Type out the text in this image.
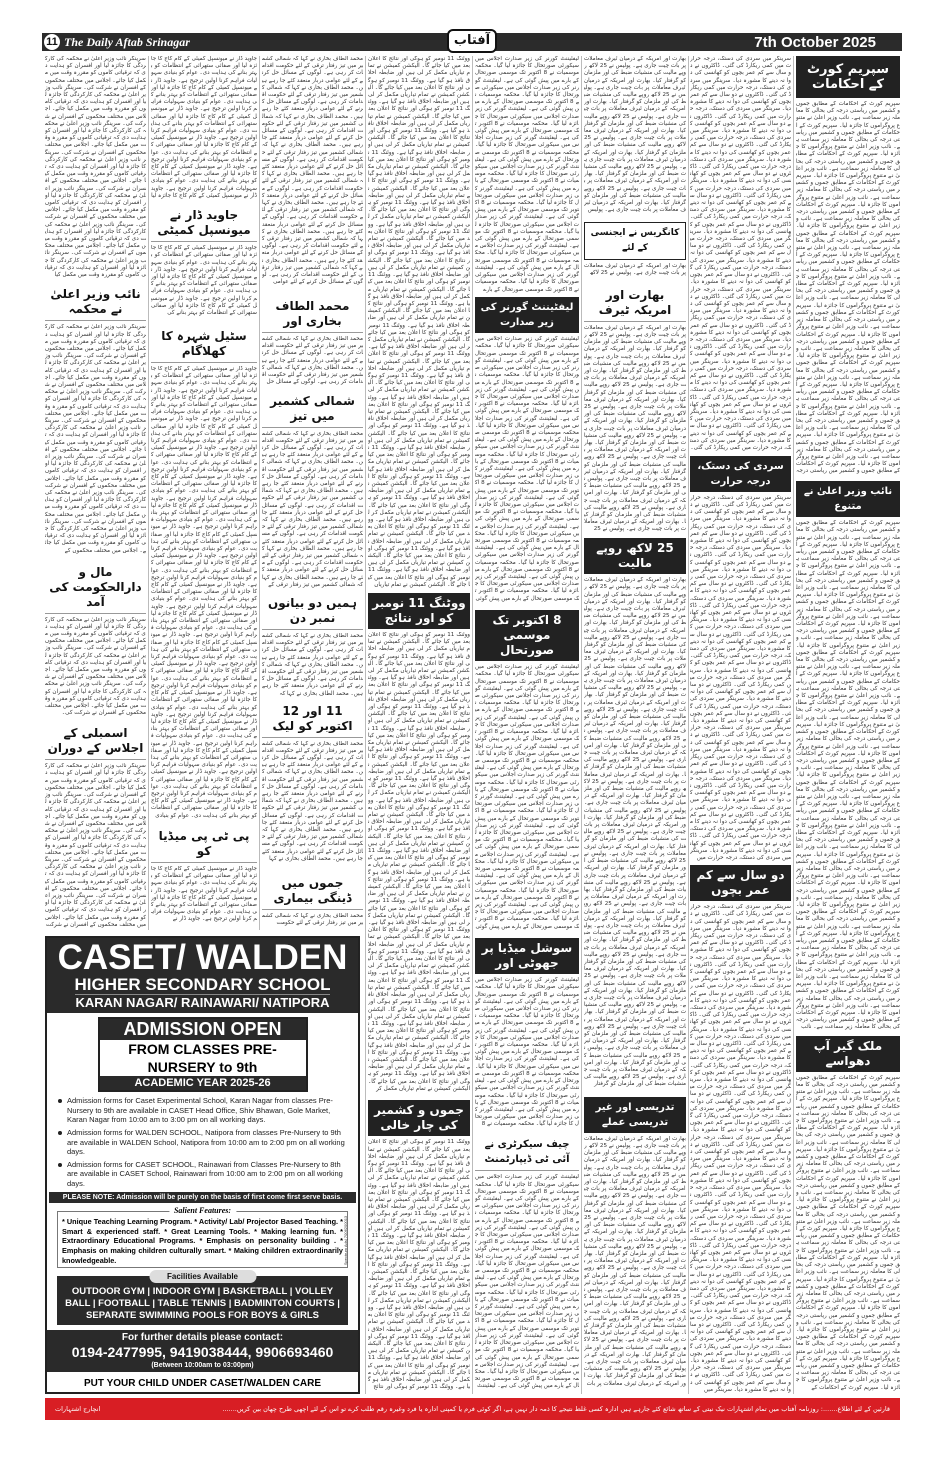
11 The Daily Aftab Srinagar	آفتاب	7th October 2025
سپریم کورٹ کے احکامات
سپریم کورٹ کے احکامات کے مطابق جموں و کشمیر میں ریاستی درجہ کی بحالی کا معاملہ زیر سماعت ہے۔ نائب وزیر اعلیٰ نے متنوع پروگراموں کا جائزہ لیا۔ سپریم کورٹ کے احکامات کے مطابق جموں و کشمیر میں ریاستی درجہ کی بحالی کا معاملہ زیر سماعت ہے۔ نائب وزیر اعلیٰ نے متنوع پروگراموں کا جائزہ لیا۔ سپریم کورٹ کے احکامات کے مطابق جموں و کشمیر میں ریاستی درجہ کی بحالی کا معاملہ زیر سماعت ہے۔ نائب وزیر اعلیٰ نے متنوع پروگراموں کا جائزہ لیا۔ سپریم کورٹ کے احکامات کے مطابق جموں و کشمیر میں ریاستی درجہ کی بحالی کا معاملہ زیر سماعت ہے۔ نائب وزیر اعلیٰ نے متنوع پروگراموں کا جائزہ لیا۔ سپریم کورٹ کے احکامات کے مطابق جموں و کشمیر میں ریاستی درجہ کی بحالی کا معاملہ زیر سماعت ہے۔ نائب وزیر اعلیٰ نے متنوع پروگراموں کا جائزہ لیا۔ سپریم کورٹ کے احکامات کے مطابق جموں و کشمیر میں ریاستی درجہ کی بحالی کا معاملہ زیر سماعت ہے۔ نائب وزیر اعلیٰ نے متنوع پروگراموں کا جائزہ لیا۔ سپریم کورٹ کے احکامات کے مطابق جموں و کشمیر میں ریاستی درجہ کی بحالی کا معاملہ زیر سماعت ہے۔ نائب وزیر اعلیٰ نے متنوع پروگراموں کا جائزہ لیا۔ سپریم کورٹ کے احکامات کے مطابق جموں و کشمیر میں ریاستی درجہ کی بحالی کا معاملہ زیر سماعت ہے۔ نائب وزیر اعلیٰ نے متنوع پروگراموں کا جائزہ لیا۔ سپریم کورٹ کے احکامات کے مطابق جموں و کشمیر میں ریاستی درجہ کی بحالی کا معاملہ زیر سماعت ہے۔ نائب وزیر اعلیٰ نے متنوع پروگراموں کا جائزہ لیا۔ سپریم کورٹ کے احکامات کے مطابق جموں و کشمیر میں ریاستی درجہ کی بحالی کا معاملہ زیر سماعت ہے۔ نائب وزیر اعلیٰ نے متنوع پروگراموں کا جائزہ لیا۔ سپریم کورٹ کے احکامات کے مطابق جموں و کشمیر میں ریاستی درجہ کی بحالی کا معاملہ زیر سماعت ہے۔ نائب وزیر اعلیٰ نے متنوع پروگراموں کا جائزہ لیا۔ سپریم کورٹ کے احکامات کے مطابق جموں و کشمیر میں ریاستی درجہ کی بحالی کا معاملہ زیر سماعت ہے۔ نائب وزیر اعلیٰ نے متنوع پروگراموں کا جائزہ لیا۔ سپریم کورٹ کے احکامات کے مطابق جموں و کشمیر میں ریاستی درجہ کی بحالی کا معاملہ زیر سماعت ہے۔ نائب وزیر اعلیٰ نے متنوع پروگراموں کا جائزہ لیا۔ سپریم کورٹ کے احکامات کے مطابق جموں و کشمیر میں ریاستی درجہ کی بحالی کا معاملہ زیر سماعت ہے۔ نائب وزیر اعلیٰ نے متنوع پروگراموں کا جائزہ لیا۔ سپریم کورٹ کے احکامات کے مطابق جموں و کشمیر میں ریاستی درجہ
نائب وزیر اعلیٰ نے متنوع
سپریم کورٹ کے احکامات کے مطابق جموں و کشمیر میں ریاستی درجہ کی بحالی کا معاملہ زیر سماعت ہے۔ نائب وزیر اعلیٰ نے متنوع پروگراموں کا جائزہ لیا۔ سپریم کورٹ کے احکامات کے مطابق جموں و کشمیر میں ریاستی درجہ کی بحالی کا معاملہ زیر سماعت ہے۔ نائب وزیر اعلیٰ نے متنوع پروگراموں کا جائزہ لیا۔ سپریم کورٹ کے احکامات کے مطابق جموں و کشمیر میں ریاستی درجہ کی بحالی کا معاملہ زیر سماعت ہے۔ نائب وزیر اعلیٰ نے متنوع پروگراموں کا جائزہ لیا۔ سپریم کورٹ کے احکامات کے مطابق جموں و کشمیر میں ریاستی درجہ کی بحالی کا معاملہ زیر سماعت ہے۔ نائب وزیر اعلیٰ نے متنوع پروگراموں کا جائزہ لیا۔ سپریم کورٹ کے احکامات کے مطابق جموں و کشمیر میں ریاستی درجہ کی بحالی کا معاملہ زیر سماعت ہے۔ نائب وزیر اعلیٰ نے متنوع پروگراموں کا جائزہ لیا۔ سپریم کورٹ کے احکامات کے مطابق جموں و کشمیر میں ریاستی درجہ کی بحالی کا معاملہ زیر سماعت ہے۔ نائب وزیر اعلیٰ نے متنوع پروگراموں کا جائزہ لیا۔ سپریم کورٹ کے احکامات کے مطابق جموں و کشمیر میں ریاستی درجہ کی بحالی کا معاملہ زیر سماعت ہے۔ نائب وزیر اعلیٰ نے متنوع پروگراموں کا جائزہ لیا۔ سپریم کورٹ کے احکامات کے مطابق جموں و کشمیر میں ریاستی درجہ کی بحالی کا معاملہ زیر سماعت ہے۔ نائب وزیر اعلیٰ نے متنوع پروگراموں کا جائزہ لیا۔ سپریم کورٹ کے احکامات کے مطابق جموں و کشمیر میں ریاستی درجہ کی بحالی کا معاملہ زیر سماعت ہے۔ نائب وزیر اعلیٰ نے متنوع پروگراموں کا جائزہ لیا۔ سپریم کورٹ کے احکامات کے مطابق جموں و کشمیر میں ریاستی درجہ کی بحالی کا معاملہ زیر سماعت ہے۔ نائب وزیر اعلیٰ نے متنوع پروگراموں کا جائزہ لیا۔ سپریم کورٹ کے احکامات کے مطابق جموں و کشمیر میں ریاستی درجہ کی بحالی کا معاملہ زیر سماعت ہے۔ نائب وزیر اعلیٰ نے متنوع پروگراموں کا جائزہ لیا۔ سپریم کورٹ کے احکامات کے مطابق جموں و کشمیر میں ریاستی درجہ کی بحالی کا معاملہ زیر سماعت ہے۔ نائب وزیر اعلیٰ نے متنوع پروگراموں کا جائزہ لیا۔ سپریم کورٹ کے احکامات کے مطابق جموں و کشمیر میں ریاستی درجہ کی بحالی کا معاملہ زیر سماعت ہے۔ نائب وزیر اعلیٰ نے متنوع پروگراموں کا جائزہ لیا۔ سپریم کورٹ کے احکامات کے مطابق جموں و کشمیر میں ریاستی درجہ کی بحالی کا معاملہ زیر سماعت ہے۔ نائب وزیر اعلیٰ نے متنوع پروگراموں کا جائزہ لیا۔ سپریم کورٹ کے احکامات کے مطابق جموں و کشمیر میں ریاستی درجہ کی بحالی کا معاملہ زیر سماعت ہے۔ نائب وزیر اعلیٰ نے متنوع پروگراموں کا جائزہ لیا۔ سپریم کورٹ کے احکامات کے مطابق جموں و کشمیر میں ریاستی درجہ کی بحالی کا معاملہ زیر سماعت ہے۔ نائب وزیر اعلیٰ نے متنوع پروگراموں کا جائزہ لیا۔ سپریم کورٹ کے احکامات کے مطابق جموں و کشمیر میں ریاستی درجہ کی بحالی کا معاملہ زیر سماعت ہے۔ نائب وزیر اعلیٰ نے متنوع پروگراموں کا جائزہ لیا۔ سپریم کورٹ کے احکامات کے مطابق جموں و کشمیر میں ریاستی درجہ کی بحالی کا معاملہ زیر سماعت ہے۔ نائب وزیر اعلیٰ نے متنوع پروگراموں کا جائزہ لیا۔ سپریم کورٹ کے احکامات کے مطابق جموں و کشمیر میں ریاستی درجہ کی بحالی کا معاملہ زیر سماعت ہے۔ نائب وزیر اعلیٰ نے متنوع پروگراموں کا جائزہ لیا۔ سپریم کورٹ کے احکامات کے مطابق جموں و کشمیر میں ریاستی درجہ کی بحالی کا معاملہ زیر سماعت ہے۔ نائب
ملک گیر آپ دھواسے
سپریم کورٹ کے احکامات کے مطابق جموں و کشمیر میں ریاستی درجہ کی بحالی کا معاملہ زیر سماعت ہے۔ نائب وزیر اعلیٰ نے متنوع پروگراموں کا جائزہ لیا۔ سپریم کورٹ کے احکامات کے مطابق جموں و کشمیر میں ریاستی درجہ کی بحالی کا معاملہ زیر سماعت ہے۔ نائب وزیر اعلیٰ نے متنوع پروگراموں کا جائزہ لیا۔ سپریم کورٹ کے احکامات کے مطابق جموں و کشمیر میں ریاستی درجہ کی بحالی کا معاملہ زیر سماعت ہے۔ نائب وزیر اعلیٰ نے متنوع پروگراموں کا جائزہ لیا۔ سپریم کورٹ کے احکامات کے مطابق جموں و کشمیر میں ریاستی درجہ کی بحالی کا معاملہ زیر سماعت ہے۔ نائب وزیر اعلیٰ نے متنوع پروگراموں کا جائزہ لیا۔ سپریم کورٹ کے احکامات کے مطابق جموں و کشمیر میں ریاستی درجہ کی بحالی کا معاملہ زیر سماعت ہے۔ نائب وزیر اعلیٰ نے متنوع پروگراموں کا جائزہ لیا۔ سپریم کورٹ کے احکامات کے مطابق جموں و کشمیر میں ریاستی درجہ کی بحالی کا معاملہ زیر سماعت ہے۔ نائب وزیر اعلیٰ نے متنوع پروگراموں کا جائزہ لیا۔ سپریم کورٹ کے احکامات کے مطابق جموں و کشمیر میں ریاستی درجہ کی بحالی کا معاملہ زیر سماعت ہے۔ نائب وزیر اعلیٰ نے متنوع پروگراموں کا جائزہ لیا۔ سپریم کورٹ کے احکامات کے مطابق جموں و کشمیر میں ریاستی درجہ کی بحالی کا معاملہ زیر سماعت ہے۔ نائب وزیر اعلیٰ نے متنوع پروگراموں کا جائزہ لیا۔ سپریم کورٹ کے احکامات کے مطابق جموں و کشمیر میں ریاستی درجہ کی بحالی کا معاملہ زیر سماعت ہے۔ نائب وزیر اعلیٰ نے متنوع پروگراموں کا جائزہ لیا۔ سپریم کورٹ کے احکامات کے مطابق جموں و کشمیر میں ریاستی درجہ کی بحالی کا معاملہ زیر سماعت ہے۔ نائب وزیر اعلیٰ نے متنوع پروگراموں کا جائزہ لیا۔ سپریم کورٹ کے احکامات کے مطابق جموں و کشمیر میں ریاستی درجہ کی بحالی کا معاملہ زیر سماعت ہے۔ نائب وزیر اعلیٰ نے متنوع پروگراموں کا جائزہ لیا۔ سپریم کورٹ کے احکامات کے مطابق جموں و کشمیر میں ریاستی درجہ کی بحالی کا معاملہ زیر سماعت ہے۔ نائب وزیر اعلیٰ نے متنوع پروگراموں کا جائزہ لیا۔ سپریم کورٹ کے احکامات کے
سرینگر میں سردی کی دستک، درجہ حرارت میں کمی ریکارڈ کی گئی۔ ڈاکٹروں نے دو سال سے کم عمر بچوں کو کھانسی کی دوا نہ دینے کا مشورہ دیا۔ سرینگر میں سردی کی دستک، درجہ حرارت میں کمی ریکارڈ کی گئی۔ ڈاکٹروں نے دو سال سے کم عمر بچوں کو کھانسی کی دوا نہ دینے کا مشورہ دیا۔ سرینگر میں سردی کی دستک، درجہ حرارت میں کمی ریکارڈ کی گئی۔ ڈاکٹروں نے دو سال سے کم عمر بچوں کو کھانسی کی دوا نہ دینے کا مشورہ دیا۔ سرینگر میں سردی کی دستک، درجہ حرارت میں کمی ریکارڈ کی گئی۔ ڈاکٹروں نے دو سال سے کم عمر بچوں کو کھانسی کی دوا نہ دینے کا مشورہ دیا۔ سرینگر میں سردی کی دستک، درجہ حرارت میں کمی ریکارڈ کی گئی۔ ڈاکٹروں نے دو سال سے کم عمر بچوں کو کھانسی کی دوا نہ دینے کا مشورہ دیا۔ سرینگر میں سردی کی دستک، درجہ حرارت میں کمی ریکارڈ کی گئی۔ ڈاکٹروں نے دو سال سے کم عمر بچوں کو کھانسی کی دوا نہ دینے کا مشورہ دیا۔ سرینگر میں سردی کی دستک، درجہ حرارت میں کمی ریکارڈ کی گئی۔ ڈاکٹروں نے دو سال سے کم عمر بچوں کو کھانسی کی دوا نہ دینے کا مشورہ دیا۔ سرینگر میں سردی کی دستک، درجہ حرارت میں کمی ریکارڈ کی گئی۔ ڈاکٹروں نے دو سال سے کم عمر بچوں کو کھانسی کی دوا نہ دینے کا مشورہ دیا۔ سرینگر میں سردی کی دستک، درجہ حرارت میں کمی ریکارڈ کی گئی۔ ڈاکٹروں نے دو سال سے کم عمر بچوں کو کھانسی کی دوا نہ دینے کا مشورہ دیا۔ سرینگر میں سردی کی دستک، درجہ حرارت میں کمی ریکارڈ کی گئی۔ ڈاکٹروں نے دو سال سے کم عمر بچوں کو کھانسی کی دوا نہ دینے کا مشورہ دیا۔ سرینگر میں سردی کی دستک، درجہ حرارت میں کمی ریکارڈ کی گئی۔ ڈاکٹروں نے دو سال سے کم عمر بچوں کو کھانسی کی دوا نہ دینے کا مشورہ دیا۔ سرینگر میں سردی کی دستک، درجہ حرارت میں کمی ریکارڈ کی گئی۔ ڈاکٹروں نے دو سال سے کم عمر بچوں کو کھانسی کی دوا نہ دینے کا مشورہ دیا۔ سرینگر میں سردی کی دستک، درجہ حرارت میں کمی ریکارڈ کی گئی۔ ڈاکٹروں نے دو سال سے کم عمر بچوں کو کھانسی کی دوا نہ دینے کا مشورہ دیا۔ سرینگر میں سردی کی دستک، درجہ حرارت میں کمی ریکارڈ کی گئی۔ ڈاکٹروں نے دو سال سے کم عمر بچوں کو کھانسی کی دوا نہ دینے کا مشورہ دیا۔ سرینگر میں سردی کی دستک، درجہ حرارت میں کمی ریکارڈ کی گئی۔ ڈاکٹروں نے دو سال سے کم عمر بچوں کو کھانسی کی دوا نہ دینے کا مشورہ دیا۔ سرینگر میں سردی کی دستک، درجہ حرارت میں کمی ریکارڈ کی گئی۔
سردی کی دستک، درجہ حرارت
سرینگر میں سردی کی دستک، درجہ حرارت میں کمی ریکارڈ کی گئی۔ ڈاکٹروں نے دو سال سے کم عمر بچوں کو کھانسی کی دوا نہ دینے کا مشورہ دیا۔ سرینگر میں سردی کی دستک، درجہ حرارت میں کمی ریکارڈ کی گئی۔ ڈاکٹروں نے دو سال سے کم عمر بچوں کو کھانسی کی دوا نہ دینے کا مشورہ دیا۔ سرینگر میں سردی کی دستک، درجہ حرارت میں کمی ریکارڈ کی گئی۔ ڈاکٹروں نے دو سال سے کم عمر بچوں کو کھانسی کی دوا نہ دینے کا مشورہ دیا۔ سرینگر میں سردی کی دستک، درجہ حرارت میں کمی ریکارڈ کی گئی۔ ڈاکٹروں نے دو سال سے کم عمر بچوں کو کھانسی کی دوا نہ دینے کا مشورہ دیا۔ سرینگر میں سردی کی دستک، درجہ حرارت میں کمی ریکارڈ کی گئی۔ ڈاکٹروں نے دو سال سے کم عمر بچوں کو کھانسی کی دوا نہ دینے کا مشورہ دیا۔ سرینگر میں سردی کی دستک، درجہ حرارت میں کمی ریکارڈ کی گئی۔ ڈاکٹروں نے دو سال سے کم عمر بچوں کو کھانسی کی دوا نہ دینے کا مشورہ دیا۔ سرینگر میں سردی کی دستک، درجہ حرارت میں کمی ریکارڈ کی گئی۔ ڈاکٹروں نے دو سال سے کم عمر بچوں کو کھانسی کی دوا نہ دینے کا مشورہ دیا۔ سرینگر میں سردی کی دستک، درجہ حرارت میں کمی ریکارڈ کی گئی۔ ڈاکٹروں نے دو سال سے کم عمر بچوں کو کھانسی کی دوا نہ دینے کا مشورہ دیا۔ سرینگر میں سردی کی دستک، درجہ حرارت میں کمی ریکارڈ کی گئی۔ ڈاکٹروں نے دو سال سے کم عمر بچوں کو کھانسی کی دوا نہ دینے کا مشورہ دیا۔ سرینگر میں سردی کی دستک، درجہ حرارت میں کمی ریکارڈ کی گئی۔ ڈاکٹروں نے دو سال سے کم عمر بچوں کو کھانسی کی دوا نہ دینے کا مشورہ دیا۔ سرینگر میں سردی کی دستک، درجہ حرارت میں کمی ریکارڈ کی گئی۔ ڈاکٹروں نے دو سال سے کم عمر بچوں کو کھانسی کی دوا نہ دینے کا مشورہ دیا۔ سرینگر میں سردی کی دستک، درجہ حرارت میں کمی ریکارڈ کی گئی۔ ڈاکٹروں نے دو سال سے کم عمر بچوں کو کھانسی کی دوا نہ دینے کا مشورہ دیا۔ سرینگر میں سردی کی دستک، درجہ حرارت میں کمی ریکارڈ کی گئی۔ ڈاکٹروں نے دو سال سے کم عمر بچوں کو کھانسی کی دوا نہ دینے کا مشورہ دیا۔ سرینگر میں سردی کی دستک، درجہ حرارت میں کمی ریکارڈ کی گئی۔ ڈاکٹروں نے دو سال سے کم عمر بچوں کو کھانسی کی دوا نہ دینے کا مشورہ دیا۔ سرینگر میں سردی کی دستک، درجہ حرارت میں
دو سال سے کم عمر بچوں
سرینگر میں سردی کی دستک، درجہ حرارت میں کمی ریکارڈ کی گئی۔ ڈاکٹروں نے دو سال سے کم عمر بچوں کو کھانسی کی دوا نہ دینے کا مشورہ دیا۔ سرینگر میں سردی کی دستک، درجہ حرارت میں کمی ریکارڈ کی گئی۔ ڈاکٹروں نے دو سال سے کم عمر بچوں کو کھانسی کی دوا نہ دینے کا مشورہ دیا۔ سرینگر میں سردی کی دستک، درجہ حرارت میں کمی ریکارڈ کی گئی۔ ڈاکٹروں نے دو سال سے کم عمر بچوں کو کھانسی کی دوا نہ دینے کا مشورہ دیا۔ سرینگر میں سردی کی دستک، درجہ حرارت میں کمی ریکارڈ کی گئی۔ ڈاکٹروں نے دو سال سے کم عمر بچوں کو کھانسی کی دوا نہ دینے کا مشورہ دیا۔ سرینگر میں سردی کی دستک، درجہ حرارت میں کمی ریکارڈ کی گئی۔ ڈاکٹروں نے دو سال سے کم عمر بچوں کو کھانسی کی دوا نہ دینے کا مشورہ دیا۔ سرینگر میں سردی کی دستک، درجہ حرارت میں کمی ریکارڈ کی گئی۔ ڈاکٹروں نے دو سال سے کم عمر بچوں کو کھانسی کی دوا نہ دینے کا مشورہ دیا۔ سرینگر میں سردی کی دستک، درجہ حرارت میں کمی ریکارڈ کی گئی۔ ڈاکٹروں نے دو سال سے کم عمر بچوں کو کھانسی کی دوا نہ دینے کا مشورہ دیا۔ سرینگر میں سردی کی دستک، درجہ حرارت میں کمی ریکارڈ کی گئی۔ ڈاکٹروں نے دو سال سے کم عمر بچوں کو کھانسی کی دوا نہ دینے کا مشورہ دیا۔ سرینگر میں سردی کی دستک، درجہ حرارت میں کمی ریکارڈ کی گئی۔ ڈاکٹروں نے دو سال سے کم عمر بچوں کو کھانسی کی دوا نہ دینے کا مشورہ دیا۔ سرینگر میں سردی کی دستک، درجہ حرارت میں کمی ریکارڈ کی گئی۔ ڈاکٹروں نے دو سال سے کم عمر بچوں کو کھانسی کی دوا نہ دینے کا مشورہ دیا۔ سرینگر میں سردی کی دستک، درجہ حرارت میں کمی ریکارڈ کی گئی۔ ڈاکٹروں نے دو سال سے کم عمر بچوں کو کھانسی کی دوا نہ دینے کا مشورہ دیا۔ سرینگر میں سردی کی دستک، درجہ حرارت میں کمی ریکارڈ کی گئی۔ ڈاکٹروں نے دو سال سے کم عمر بچوں کو کھانسی کی دوا نہ دینے کا مشورہ دیا۔ سرینگر میں سردی کی دستک، درجہ حرارت میں کمی ریکارڈ کی گئی۔ ڈاکٹروں نے دو سال سے کم عمر بچوں کو کھانسی کی دوا نہ دینے کا مشورہ دیا۔ سرینگر میں سردی کی دستک، درجہ حرارت میں کمی ریکارڈ کی گئی۔ ڈاکٹروں نے دو سال سے کم عمر بچوں کو کھانسی کی دوا نہ دینے کا مشورہ دیا۔ سرینگر میں سردی کی دستک، درجہ حرارت میں کمی ریکارڈ کی گئی۔ ڈاکٹروں نے دو سال سے کم عمر بچوں کو کھانسی کی دوا نہ دینے کا مشورہ دیا۔ سرینگر میں سردی کی دستک، درجہ حرارت میں کمی ریکارڈ کی گئی۔ ڈاکٹروں نے دو سال سے کم عمر بچوں کو کھانسی کی دوا نہ دینے کا مشورہ دیا۔ سرینگر میں سردی کی دستک، درجہ حرارت میں کمی ریکارڈ کی گئی۔ ڈاکٹروں نے دو سال سے کم عمر بچوں کو کھانسی کی دوا نہ دینے کا مشورہ دیا۔ سرینگر میں سردی کی دستک، درجہ حرارت میں کمی ریکارڈ کی گئی۔ ڈاکٹروں نے دو سال سے کم عمر بچوں کو کھانسی کی دوا نہ دینے کا مشورہ دیا۔ سرینگر میں سردی کی دستک، درجہ حرارت میں کمی ریکارڈ کی گئی۔ ڈاکٹروں نے دو سال سے کم عمر بچوں کو کھانسی کی دوا نہ دینے کا مشورہ دیا۔ سرینگر میں
بھارت اور امریکہ کے درمیان ٹیرف معاملات پر بات چیت جاری ہے۔ پولیس نے 25 لاکھ روپے مالیت کی منشیات ضبط کی اور ملزمان کو گرفتار کیا۔ بھارت اور امریکہ کے درمیان ٹیرف معاملات پر بات چیت جاری ہے۔ پولیس نے 25 لاکھ روپے مالیت کی منشیات ضبط کی اور ملزمان کو گرفتار کیا۔ بھارت اور امریکہ کے درمیان ٹیرف معاملات پر بات چیت جاری ہے۔ پولیس نے 25 لاکھ روپے مالیت کی منشیات ضبط کی اور ملزمان کو گرفتار کیا۔ بھارت اور امریکہ کے درمیان ٹیرف معاملات پر بات چیت جاری ہے۔ پولیس نے 25 لاکھ روپے مالیت کی منشیات ضبط کی اور ملزمان کو گرفتار کیا۔ بھارت اور امریکہ کے درمیان ٹیرف معاملات پر بات چیت جاری ہے۔ پولیس نے 25 لاکھ روپے مالیت کی منشیات ضبط کی اور ملزمان کو گرفتار کیا۔ بھارت اور امریکہ کے درمیان ٹیرف معاملات پر بات چیت جاری ہے۔ پولیس نے 25 لاکھ روپے مالیت کی منشیات ضبط کی اور ملزمان کو گرفتار کیا۔ بھارت اور امریکہ کے درمیان ٹیرف معاملات پر بات چیت جاری ہے۔ پولیس
کانگریس نے ایجنسی کے لئے
بھارت اور امریکہ کے درمیان ٹیرف معاملات پر بات چیت جاری ہے۔ پولیس نے 25 لاکھ
بھارت اور امریکہ ٹیرف
بھارت اور امریکہ کے درمیان ٹیرف معاملات پر بات چیت جاری ہے۔ پولیس نے 25 لاکھ روپے مالیت کی منشیات ضبط کی اور ملزمان کو گرفتار کیا۔ بھارت اور امریکہ کے درمیان ٹیرف معاملات پر بات چیت جاری ہے۔ پولیس نے 25 لاکھ روپے مالیت کی منشیات ضبط کی اور ملزمان کو گرفتار کیا۔ بھارت اور امریکہ کے درمیان ٹیرف معاملات پر بات چیت جاری ہے۔ پولیس نے 25 لاکھ روپے مالیت کی منشیات ضبط کی اور ملزمان کو گرفتار کیا۔ بھارت اور امریکہ کے درمیان ٹیرف معاملات پر بات چیت جاری ہے۔ پولیس نے 25 لاکھ روپے مالیت کی منشیات ضبط کی اور ملزمان کو گرفتار کیا۔ بھارت اور امریکہ کے درمیان ٹیرف معاملات پر بات چیت جاری ہے۔ پولیس نے 25 لاکھ روپے مالیت کی منشیات ضبط کی اور ملزمان کو گرفتار کیا۔ بھارت اور امریکہ کے درمیان ٹیرف معاملات پر بات چیت جاری ہے۔ پولیس نے 25 لاکھ روپے مالیت کی منشیات ضبط کی اور ملزمان کو گرفتار کیا۔ بھارت اور امریکہ کے درمیان ٹیرف معاملات پر بات چیت جاری ہے۔ پولیس نے 25 لاکھ روپے مالیت کی منشیات ضبط کی اور ملزمان کو گرفتار کیا۔ بھارت اور امریکہ کے درمیان ٹیرف معاملات پر بات چیت جاری ہے۔ پولیس نے 25 لاکھ روپے مالیت کی منشیات ضبط کی اور ملزمان کو گرفتار کیا۔ بھارت اور امریکہ کے درمیان ٹیرف معاملات پر بات چیت جاری ہے۔ پولیس نے 25
25 لاکھ روپے مالیت
بھارت اور امریکہ کے درمیان ٹیرف معاملات پر بات چیت جاری ہے۔ پولیس نے 25 لاکھ روپے مالیت کی منشیات ضبط کی اور ملزمان کو گرفتار کیا۔ بھارت اور امریکہ کے درمیان ٹیرف معاملات پر بات چیت جاری ہے۔ پولیس نے 25 لاکھ روپے مالیت کی منشیات ضبط کی اور ملزمان کو گرفتار کیا۔ بھارت اور امریکہ کے درمیان ٹیرف معاملات پر بات چیت جاری ہے۔ پولیس نے 25 لاکھ روپے مالیت کی منشیات ضبط کی اور ملزمان کو گرفتار کیا۔ بھارت اور امریکہ کے درمیان ٹیرف معاملات پر بات چیت جاری ہے۔ پولیس نے 25 لاکھ روپے مالیت کی منشیات ضبط کی اور ملزمان کو گرفتار کیا۔ بھارت اور امریکہ کے درمیان ٹیرف معاملات پر بات چیت جاری ہے۔ پولیس نے 25 لاکھ روپے مالیت کی منشیات ضبط کی اور ملزمان کو گرفتار کیا۔ بھارت اور امریکہ کے درمیان ٹیرف معاملات پر بات چیت جاری ہے۔ پولیس نے 25 لاکھ روپے مالیت کی منشیات ضبط کی اور ملزمان کو گرفتار کیا۔ بھارت اور امریکہ کے درمیان ٹیرف معاملات پر بات چیت جاری ہے۔ پولیس نے 25 لاکھ روپے مالیت کی منشیات ضبط کی اور ملزمان کو گرفتار کیا۔ بھارت اور امریکہ کے درمیان ٹیرف معاملات پر بات چیت جاری ہے۔ پولیس نے 25 لاکھ روپے مالیت کی منشیات ضبط کی اور ملزمان کو گرفتار کیا۔ بھارت اور امریکہ کے درمیان ٹیرف معاملات پر بات چیت جاری ہے۔ پولیس نے 25 لاکھ روپے مالیت کی منشیات ضبط کی اور ملزمان کو گرفتار کیا۔ بھارت اور امریکہ کے درمیان ٹیرف معاملات پر بات چیت جاری ہے۔ پولیس نے 25 لاکھ روپے مالیت کی منشیات ضبط کی اور ملزمان کو گرفتار کیا۔ بھارت اور امریکہ کے درمیان ٹیرف معاملات پر بات چیت جاری ہے۔ پولیس نے 25 لاکھ روپے مالیت کی منشیات ضبط کی اور ملزمان کو گرفتار کیا۔ بھارت اور امریکہ کے درمیان ٹیرف معاملات پر بات چیت جاری ہے۔ پولیس نے 25 لاکھ روپے مالیت کی منشیات ضبط کی اور ملزمان کو گرفتار کیا۔ بھارت اور امریکہ کے درمیان ٹیرف معاملات پر بات چیت جاری ہے۔ پولیس نے 25 لاکھ روپے مالیت کی منشیات ضبط کی اور ملزمان کو گرفتار کیا۔ بھارت اور امریکہ کے درمیان ٹیرف معاملات پر بات چیت جاری ہے۔ پولیس نے 25 لاکھ روپے مالیت کی منشیات ضبط کی اور ملزمان کو گرفتار کیا۔ بھارت اور امریکہ کے درمیان ٹیرف معاملات پر بات چیت جاری ہے۔ پولیس نے 25 لاکھ روپے مالیت کی منشیات ضبط کی اور ملزمان کو گرفتار کیا۔ بھارت اور امریکہ کے درمیان ٹیرف معاملات پر بات چیت جاری ہے۔ پولیس نے 25 لاکھ روپے مالیت کی منشیات ضبط کی اور ملزمان کو گرفتار کیا۔ بھارت اور امریکہ کے درمیان ٹیرف معاملات پر بات چیت جاری ہے۔ پولیس نے 25 لاکھ روپے مالیت کی منشیات ضبط کی اور ملزمان کو گرفتار کیا۔ بھارت اور امریکہ کے درمیان ٹیرف معاملات پر بات چیت جاری ہے۔ پولیس نے 25 لاکھ روپے مالیت کی منشیات ضبط کی اور ملزمان کو گرفتار کیا۔ بھارت اور امریکہ کے درمیان ٹیرف معاملات پر بات چیت جاری ہے۔ پولیس نے 25 لاکھ روپے مالیت کی منشیات ضبط کی اور ملزمان کو گرفتار کیا۔ بھارت اور امریکہ کے درمیان ٹیرف معاملات پر بات چیت جاری ہے۔ پولیس نے 25 لاکھ روپے مالیت کی منشیات ضبط کی اور ملزمان کو گرفتار کیا۔ بھارت اور امریکہ کے درمیان ٹیرف معاملات پر بات چیت جاری ہے۔ پولیس نے 25 لاکھ روپے مالیت کی منشیات ضبط کی اور ملزمان کو گرفتار
تدریسی اور غیر تدریسی عملے
بھارت اور امریکہ کے درمیان ٹیرف معاملات پر بات چیت جاری ہے۔ پولیس نے 25 لاکھ روپے مالیت کی منشیات ضبط کی اور ملزمان کو گرفتار کیا۔ بھارت اور امریکہ کے درمیان ٹیرف معاملات پر بات چیت جاری ہے۔ پولیس نے 25 لاکھ روپے مالیت کی منشیات ضبط کی اور ملزمان کو گرفتار کیا۔ بھارت اور امریکہ کے درمیان ٹیرف معاملات پر بات چیت جاری ہے۔ پولیس نے 25 لاکھ روپے مالیت کی منشیات ضبط کی اور ملزمان کو گرفتار کیا۔ بھارت اور امریکہ کے درمیان ٹیرف معاملات پر بات چیت جاری ہے۔ پولیس نے 25 لاکھ روپے مالیت کی منشیات ضبط کی اور ملزمان کو گرفتار کیا۔ بھارت اور امریکہ کے درمیان ٹیرف معاملات پر بات چیت جاری ہے۔ پولیس نے 25 لاکھ روپے مالیت کی منشیات ضبط کی اور ملزمان کو گرفتار کیا۔ بھارت اور امریکہ کے درمیان ٹیرف معاملات پر بات چیت جاری ہے۔ پولیس نے 25 لاکھ روپے مالیت کی منشیات ضبط کی اور ملزمان کو گرفتار کیا۔ بھارت اور امریکہ کے درمیان ٹیرف معاملات پر بات چیت جاری ہے۔ پولیس نے 25 لاکھ روپے مالیت کی منشیات ضبط کی اور ملزمان کو گرفتار کیا۔ بھارت اور امریکہ کے درمیان ٹیرف معاملات پر بات چیت جاری ہے۔ پولیس نے 25 لاکھ روپے مالیت کی منشیات ضبط کی اور ملزمان کو گرفتار کیا۔ بھارت اور امریکہ کے درمیان ٹیرف معاملات پر بات چیت جاری ہے۔ پولیس نے 25 لاکھ روپے مالیت کی منشیات ضبط کی اور ملزمان کو گرفتار کیا۔ بھارت اور امریکہ کے درمیان ٹیرف معاملات پر بات چیت جاری ہے۔ پولیس نے 25 لاکھ روپے مالیت کی منشیات ضبط کی اور ملزمان کو گرفتار کیا۔ بھارت اور امریکہ کے درمیان ٹیرف معاملات پر بات
لیفٹیننٹ گورنر کی زیر صدارت اجلاس میں سیکورٹی صورتحال کا جائزہ لیا گیا۔ محکمہ موسمیات نے 8 اکتوبر تک موسمی صورتحال کے بارے میں پیش گوئی کی ہے۔ لیفٹیننٹ گورنر کی زیر صدارت اجلاس میں سیکورٹی صورتحال کا جائزہ لیا گیا۔ محکمہ موسمیات نے 8 اکتوبر تک موسمی صورتحال کے بارے میں پیش گوئی کی ہے۔ لیفٹیننٹ گورنر کی زیر صدارت اجلاس میں سیکورٹی صورتحال کا جائزہ لیا گیا۔ محکمہ موسمیات نے 8 اکتوبر تک موسمی صورتحال کے بارے میں پیش گوئی کی ہے۔ لیفٹیننٹ گورنر کی زیر صدارت اجلاس میں سیکورٹی صورتحال کا جائزہ لیا گیا۔ محکمہ موسمیات نے 8 اکتوبر تک موسمی صورتحال کے بارے میں پیش گوئی کی ہے۔ لیفٹیننٹ گورنر کی زیر صدارت اجلاس میں سیکورٹی صورتحال کا جائزہ لیا گیا۔ محکمہ موسمیات نے 8 اکتوبر تک موسمی صورتحال کے بارے میں پیش گوئی کی ہے۔ لیفٹیننٹ گورنر کی زیر صدارت اجلاس میں سیکورٹی صورتحال کا جائزہ لیا گیا۔ محکمہ موسمیات نے 8 اکتوبر تک موسمی صورتحال کے بارے میں پیش گوئی کی ہے۔ لیفٹیننٹ گورنر کی زیر صدارت اجلاس میں سیکورٹی صورتحال کا جائزہ لیا گیا۔ محکمہ موسمیات نے 8 اکتوبر تک موسمی صورتحال کے بارے میں پیش گوئی کی ہے۔ لیفٹیننٹ گورنر کی زیر صدارت اجلاس میں سیکورٹی صورتحال کا جائزہ لیا گیا۔ محکمہ موسمیات نے 8 اکتوبر تک موسمی صورتحال کے بارے میں پیش گوئی کی ہے۔ لیفٹیننٹ گورنر کی زیر صدارت اجلاس میں سیکورٹی صورتحال کا جائزہ لیا گیا۔ محکمہ موسمیات نے 8 اکتوبر تک موسمی صورتحال کے بارے
لیفٹیننٹ گورنر کی زیر صدارت
لیفٹیننٹ گورنر کی زیر صدارت اجلاس میں سیکورٹی صورتحال کا جائزہ لیا گیا۔ محکمہ موسمیات نے 8 اکتوبر تک موسمی صورتحال کے بارے میں پیش گوئی کی ہے۔ لیفٹیننٹ گورنر کی زیر صدارت اجلاس میں سیکورٹی صورتحال کا جائزہ لیا گیا۔ محکمہ موسمیات نے 8 اکتوبر تک موسمی صورتحال کے بارے میں پیش گوئی کی ہے۔ لیفٹیننٹ گورنر کی زیر صدارت اجلاس میں سیکورٹی صورتحال کا جائزہ لیا گیا۔ محکمہ موسمیات نے 8 اکتوبر تک موسمی صورتحال کے بارے میں پیش گوئی کی ہے۔ لیفٹیننٹ گورنر کی زیر صدارت اجلاس میں سیکورٹی صورتحال کا جائزہ لیا گیا۔ محکمہ موسمیات نے 8 اکتوبر تک موسمی صورتحال کے بارے میں پیش گوئی کی ہے۔ لیفٹیننٹ گورنر کی زیر صدارت اجلاس میں سیکورٹی صورتحال کا جائزہ لیا گیا۔ محکمہ موسمیات نے 8 اکتوبر تک موسمی صورتحال کے بارے میں پیش گوئی کی ہے۔ لیفٹیننٹ گورنر کی زیر صدارت اجلاس میں سیکورٹی صورتحال کا جائزہ لیا گیا۔ محکمہ موسمیات نے 8 اکتوبر تک موسمی صورتحال کے بارے میں پیش گوئی کی ہے۔ لیفٹیننٹ گورنر کی زیر صدارت اجلاس میں سیکورٹی صورتحال کا جائزہ لیا گیا۔ محکمہ موسمیات نے 8 اکتوبر تک موسمی صورتحال کے بارے میں پیش گوئی کی ہے۔ لیفٹیننٹ گورنر کی زیر صدارت اجلاس میں سیکورٹی صورتحال کا جائزہ لیا گیا۔ محکمہ موسمیات نے 8 اکتوبر تک موسمی صورتحال کے بارے میں پیش گوئی کی ہے۔ لیفٹیننٹ گورنر کی زیر صدارت اجلاس میں سیکورٹی صورتحال کا جائزہ لیا گیا۔ محکمہ موسمیات نے 8 اکتوبر تک موسمی صورتحال کے بارے میں پیش گوئی کی ہے۔ لیفٹیننٹ گورنر کی زیر صدارت اجلاس میں سیکورٹی صورتحال کا جائزہ لیا گیا۔ محکمہ موسمیات نے 8 اکتوبر تک موسمی صورتحال کے بارے میں پیش گوئی
8 اکتوبر تک موسمی صورتحال
لیفٹیننٹ گورنر کی زیر صدارت اجلاس میں سیکورٹی صورتحال کا جائزہ لیا گیا۔ محکمہ موسمیات نے 8 اکتوبر تک موسمی صورتحال کے بارے میں پیش گوئی کی ہے۔ لیفٹیننٹ گورنر کی زیر صدارت اجلاس میں سیکورٹی صورتحال کا جائزہ لیا گیا۔ محکمہ موسمیات نے 8 اکتوبر تک موسمی صورتحال کے بارے میں پیش گوئی کی ہے۔ لیفٹیننٹ گورنر کی زیر صدارت اجلاس میں سیکورٹی صورتحال کا جائزہ لیا گیا۔ محکمہ موسمیات نے 8 اکتوبر تک موسمی صورتحال کے بارے میں پیش گوئی کی ہے۔ لیفٹیننٹ گورنر کی زیر صدارت اجلاس میں سیکورٹی صورتحال کا جائزہ لیا گیا۔ محکمہ موسمیات نے 8 اکتوبر تک موسمی صورتحال کے بارے میں پیش گوئی کی ہے۔ لیفٹیننٹ گورنر کی زیر صدارت اجلاس میں سیکورٹی صورتحال کا جائزہ لیا گیا۔ محکمہ موسمیات نے 8 اکتوبر تک موسمی صورتحال کے بارے میں پیش گوئی کی ہے۔ لیفٹیننٹ گورنر کی زیر صدارت اجلاس میں سیکورٹی صورتحال کا جائزہ لیا گیا۔ محکمہ موسمیات نے 8 اکتوبر تک موسمی صورتحال کے بارے میں پیش گوئی کی ہے۔ لیفٹیننٹ گورنر کی زیر صدارت اجلاس میں سیکورٹی صورتحال کا جائزہ لیا گیا۔ محکمہ موسمیات نے 8 اکتوبر تک موسمی صورتحال کے بارے میں پیش گوئی کی ہے۔ لیفٹیننٹ گورنر کی زیر صدارت اجلاس میں سیکورٹی صورتحال کا جائزہ لیا گیا۔ محکمہ موسمیات نے 8 اکتوبر تک موسمی صورتحال کے بارے میں پیش گوئی کی ہے۔ لیفٹیننٹ گورنر کی زیر صدارت اجلاس میں سیکورٹی صورتحال کا جائزہ لیا گیا۔ محکمہ موسمیات نے 8 اکتوبر تک موسمی صورتحال کے بارے میں پیش گوئی کی ہے۔ لیفٹیننٹ گورنر کی زیر صدارت اجلاس میں سیکورٹی صورتحال کا جائزہ لیا گیا۔ محکمہ موسمیات نے 8 اکتوبر تک موسمی صورتحال کے بارے میں پیش گوئی
سوشل میڈیا پر جھوٹی اور
لیفٹیننٹ گورنر کی زیر صدارت اجلاس میں سیکورٹی صورتحال کا جائزہ لیا گیا۔ محکمہ موسمیات نے 8 اکتوبر تک موسمی صورتحال کے بارے میں پیش گوئی کی ہے۔ لیفٹیننٹ گورنر کی زیر صدارت اجلاس میں سیکورٹی صورتحال کا جائزہ لیا گیا۔ محکمہ موسمیات نے 8 اکتوبر تک موسمی صورتحال کے بارے میں پیش گوئی کی ہے۔ لیفٹیننٹ گورنر کی زیر صدارت اجلاس میں سیکورٹی صورتحال کا جائزہ لیا گیا۔ محکمہ موسمیات نے 8 اکتوبر تک موسمی صورتحال کے بارے میں پیش گوئی کی ہے۔ لیفٹیننٹ گورنر کی زیر صدارت اجلاس میں سیکورٹی صورتحال کا جائزہ لیا گیا۔ محکمہ موسمیات نے 8 اکتوبر تک موسمی صورتحال کے بارے میں پیش گوئی کی ہے۔ لیفٹیننٹ گورنر کی زیر صدارت اجلاس میں سیکورٹی صورتحال کا جائزہ لیا گیا۔ محکمہ موسمیات نے 8 اکتوبر تک موسمی صورتحال کے بارے میں پیش گوئی کی ہے۔ لیفٹیننٹ گورنر کی زیر صدارت اجلاس میں سیکورٹی صورتحال کا جائزہ لیا گیا۔ محکمہ موسمیات نے 8
چیف سیکرٹری نے آئی ٹی ڈیپارٹمنٹ
لیفٹیننٹ گورنر کی زیر صدارت اجلاس میں سیکورٹی صورتحال کا جائزہ لیا گیا۔ محکمہ موسمیات نے 8 اکتوبر تک موسمی صورتحال کے بارے میں پیش گوئی کی ہے۔ لیفٹیننٹ گورنر کی زیر صدارت اجلاس میں سیکورٹی صورتحال کا جائزہ لیا گیا۔ محکمہ موسمیات نے 8 اکتوبر تک موسمی صورتحال کے بارے میں پیش گوئی کی ہے۔ لیفٹیننٹ گورنر کی زیر صدارت اجلاس میں سیکورٹی صورتحال کا جائزہ لیا گیا۔ محکمہ موسمیات نے 8 اکتوبر تک موسمی صورتحال کے بارے میں پیش گوئی کی ہے۔ لیفٹیننٹ گورنر کی زیر صدارت اجلاس میں سیکورٹی صورتحال کا جائزہ لیا گیا۔ محکمہ موسمیات نے 8 اکتوبر تک موسمی صورتحال کے بارے میں پیش گوئی کی ہے۔ لیفٹیننٹ گورنر کی زیر صدارت اجلاس میں سیکورٹی صورتحال کا جائزہ لیا گیا۔ محکمہ موسمیات نے 8 اکتوبر تک موسمی صورتحال کے بارے میں پیش گوئی کی ہے۔ لیفٹیننٹ گورنر کی زیر صدارت اجلاس میں سیکورٹی صورتحال کا جائزہ لیا گیا۔ محکمہ موسمیات نے 8 اکتوبر تک موسمی صورتحال کے بارے میں پیش گوئی کی ہے۔ لیفٹیننٹ گورنر کی زیر صدارت اجلاس میں سیکورٹی صورتحال کا جائزہ لیا گیا۔ محکمہ موسمیات نے 8 اکتوبر تک موسمی صورتحال کے بارے میں پیش گوئی کی ہے۔ لیفٹیننٹ گورنر کی زیر صدارت اجلاس میں سیکورٹی صورتحال کا جائزہ لیا گیا۔ محکمہ موسمیات نے 8 اکتوبر تک موسمی صورتحال کے بارے میں پیش گوئی کی ہے۔ لیفٹیننٹ
ووٹنگ 11 نومبر کو ہوگی اور نتائج کا اعلان بعد میں کیا جائے گا۔ الیکشن کمیشن نے تمام تیاریاں مکمل کر لی ہیں اور ضابطہ اخلاق نافذ ہو گیا ہے۔ ووٹنگ 11 نومبر کو ہوگی اور نتائج کا اعلان بعد میں کیا جائے گا۔ الیکشن کمیشن نے تمام تیاریاں مکمل کر لی ہیں اور ضابطہ اخلاق نافذ ہو گیا ہے۔ ووٹنگ 11 نومبر کو ہوگی اور نتائج کا اعلان بعد میں کیا جائے گا۔ الیکشن کمیشن نے تمام تیاریاں مکمل کر لی ہیں اور ضابطہ اخلاق نافذ ہو گیا ہے۔ ووٹنگ 11 نومبر کو ہوگی اور نتائج کا اعلان بعد میں کیا جائے گا۔ الیکشن کمیشن نے تمام تیاریاں مکمل کر لی ہیں اور ضابطہ اخلاق نافذ ہو گیا ہے۔ ووٹنگ 11 نومبر کو ہوگی اور نتائج کا اعلان بعد میں کیا جائے گا۔ الیکشن کمیشن نے تمام تیاریاں مکمل کر لی ہیں اور ضابطہ اخلاق نافذ ہو گیا ہے۔ ووٹنگ 11 نومبر کو ہوگی اور نتائج کا اعلان بعد میں کیا جائے گا۔ الیکشن کمیشن نے تمام تیاریاں مکمل کر لی ہیں اور ضابطہ اخلاق نافذ ہو گیا ہے۔ ووٹنگ 11 نومبر کو ہوگی اور نتائج کا اعلان بعد میں کیا جائے گا۔ الیکشن کمیشن نے تمام تیاریاں مکمل کر لی ہیں اور ضابطہ اخلاق نافذ ہو گیا ہے۔ ووٹنگ 11 نومبر کو ہوگی اور نتائج کا اعلان بعد میں کیا جائے گا۔ الیکشن کمیشن نے تمام تیاریاں مکمل کر لی ہیں اور ضابطہ اخلاق نافذ ہو گیا ہے۔ ووٹنگ 11 نومبر کو ہوگی اور نتائج کا اعلان بعد میں کیا جائے گا۔ الیکشن کمیشن نے تمام تیاریاں مکمل کر لی ہیں اور ضابطہ اخلاق نافذ ہو گیا ہے۔ ووٹنگ 11 نومبر کو ہوگی اور نتائج کا اعلان بعد میں کیا جائے گا۔ الیکشن کمیشن نے تمام تیاریاں مکمل کر لی ہیں اور ضابطہ اخلاق نافذ ہو گیا ہے۔ ووٹنگ 11 نومبر کو ہوگی اور نتائج کا اعلان بعد میں کیا جائے گا۔ الیکشن کمیشن نے تمام تیاریاں مکمل کر لی ہیں اور ضابطہ اخلاق نافذ ہو گیا ہے۔ ووٹنگ 11 نومبر کو ہوگی اور نتائج کا اعلان بعد میں کیا جائے گا۔ الیکشن کمیشن نے تمام تیاریاں مکمل کر لی ہیں اور ضابطہ اخلاق نافذ ہو گیا ہے۔ ووٹنگ 11 نومبر کو ہوگی اور نتائج کا اعلان بعد میں کیا جائے گا۔ الیکشن کمیشن نے تمام تیاریاں مکمل کر لی ہیں اور ضابطہ اخلاق نافذ ہو گیا ہے۔ ووٹنگ 11 نومبر کو ہوگی اور نتائج کا اعلان بعد میں کیا جائے گا۔ الیکشن کمیشن نے تمام تیاریاں مکمل کر لی ہیں اور ضابطہ اخلاق نافذ ہو گیا ہے۔ ووٹنگ 11 نومبر کو ہوگی اور نتائج کا اعلان بعد میں کیا جائے گا۔ الیکشن کمیشن نے تمام تیاریاں مکمل کر لی ہیں اور ضابطہ اخلاق نافذ ہو گیا ہے۔ ووٹنگ 11 نومبر کو ہوگی اور نتائج کا اعلان بعد میں کیا جائے گا۔ الیکشن کمیشن نے تمام تیاریاں مکمل کر لی ہیں اور ضابطہ اخلاق نافذ ہو گیا ہے۔ ووٹنگ 11 نومبر کو ہوگی اور نتائج کا اعلان بعد میں کیا جائے گا۔ الیکشن کمیشن نے تمام تیاریاں مکمل کر لی ہیں اور ضابطہ اخلاق نافذ ہو گیا ہے۔ ووٹنگ 11 نومبر کو ہوگی اور نتائج کا اعلان بعد میں کیا جائے گا۔ الیکشن کمیشن نے تمام تیاریاں مکمل کر لی ہیں اور ضابطہ اخلاق نافذ ہو گیا ہے۔ ووٹنگ 11 نومبر کو ہوگی اور نتائج کا اعلان بعد میں کیا جائے گا۔ الیکشن کمیشن نے تمام تیاریاں مکمل کر لی ہیں اور ضابطہ اخلاق نافذ ہو گیا ہے۔ ووٹنگ 11 نومبر کو ہوگی اور نتائج کا اعلان بعد میں کیا جائے گا۔ الیکشن کمیشن نے تمام تیاریاں مکمل کر لی ہیں اور ضابطہ اخلاق نافذ ہو گیا ہے۔ ووٹنگ 11 نومبر کو ہوگی اور نتائج کا اعلان بعد میں کیا جائے گا۔ الیکشن کمیشن نے تمام تیاریاں مکمل کر لی ہیں اور ضابطہ اخلاق نافذ ہو گیا ہے۔ ووٹنگ 11 نومبر کو ہوگی اور نتائج کا اعلان بعد میں کیا جائے گا۔ الیکشن کمیشن نے تمام تیاریاں
ووٹنگ 11 نومبر کو اور نتائج
ووٹنگ 11 نومبر کو ہوگی اور نتائج کا اعلان بعد میں کیا جائے گا۔ الیکشن کمیشن نے تمام تیاریاں مکمل کر لی ہیں اور ضابطہ اخلاق نافذ ہو گیا ہے۔ ووٹنگ 11 نومبر کو ہوگی اور نتائج کا اعلان بعد میں کیا جائے گا۔ الیکشن کمیشن نے تمام تیاریاں مکمل کر لی ہیں اور ضابطہ اخلاق نافذ ہو گیا ہے۔ ووٹنگ 11 نومبر کو ہوگی اور نتائج کا اعلان بعد میں کیا جائے گا۔ الیکشن کمیشن نے تمام تیاریاں مکمل کر لی ہیں اور ضابطہ اخلاق نافذ ہو گیا ہے۔ ووٹنگ 11 نومبر کو ہوگی اور نتائج کا اعلان بعد میں کیا جائے گا۔ الیکشن کمیشن نے تمام تیاریاں مکمل کر لی ہیں اور ضابطہ اخلاق نافذ ہو گیا ہے۔ ووٹنگ 11 نومبر کو ہوگی اور نتائج کا اعلان بعد میں کیا جائے گا۔ الیکشن کمیشن نے تمام تیاریاں مکمل کر لی ہیں اور ضابطہ اخلاق نافذ ہو گیا ہے۔ ووٹنگ 11 نومبر کو ہوگی اور نتائج کا اعلان بعد میں کیا جائے گا۔ الیکشن کمیشن نے تمام تیاریاں مکمل کر لی ہیں اور ضابطہ اخلاق نافذ ہو گیا ہے۔ ووٹنگ 11 نومبر کو ہوگی اور نتائج کا اعلان بعد میں کیا جائے گا۔ الیکشن کمیشن نے تمام تیاریاں مکمل کر لی ہیں اور ضابطہ اخلاق نافذ ہو گیا ہے۔ ووٹنگ 11 نومبر کو ہوگی اور نتائج کا اعلان بعد میں کیا جائے گا۔ الیکشن کمیشن نے تمام تیاریاں مکمل کر لی ہیں اور ضابطہ اخلاق نافذ ہو گیا ہے۔ ووٹنگ 11 نومبر کو ہوگی اور نتائج کا اعلان بعد میں کیا جائے گا۔ الیکشن کمیشن نے تمام تیاریاں مکمل کر لی ہیں اور ضابطہ اخلاق نافذ ہو گیا ہے۔ ووٹنگ 11 نومبر کو ہوگی اور نتائج کا اعلان بعد میں کیا جائے گا۔ الیکشن کمیشن نے تمام تیاریاں مکمل کر لی ہیں اور ضابطہ اخلاق نافذ ہو گیا ہے۔ ووٹنگ 11 نومبر کو ہوگی اور نتائج کا اعلان بعد میں کیا جائے گا۔ الیکشن کمیشن نے تمام تیاریاں مکمل کر لی ہیں اور ضابطہ اخلاق نافذ ہو گیا ہے۔ ووٹنگ 11 نومبر کو ہوگی اور نتائج کا اعلان بعد میں کیا جائے گا۔ الیکشن کمیشن نے تمام تیاریاں مکمل کر لی ہیں اور ضابطہ اخلاق نافذ ہو گیا ہے۔ ووٹنگ 11 نومبر کو ہوگی اور نتائج کا اعلان بعد میں کیا جائے گا۔ الیکشن کمیشن نے تمام تیاریاں مکمل کر لی ہیں اور ضابطہ اخلاق نافذ ہو گیا ہے۔ ووٹنگ 11 نومبر کو ہوگی اور نتائج کا اعلان بعد میں کیا جائے گا۔ الیکشن کمیشن نے تمام تیاریاں مکمل کر لی ہیں اور ضابطہ اخلاق نافذ ہو گیا ہے۔ ووٹنگ 11 نومبر کو ہوگی اور نتائج کا اعلان بعد میں کیا جائے گا۔ الیکشن کمیشن نے تمام تیاریاں مکمل کر لی ہیں اور ضابطہ اخلاق نافذ ہو گیا ہے۔ ووٹنگ 11 نومبر کو ہوگی اور نتائج کا اعلان بعد میں کیا جائے گا۔ الیکشن کمیشن نے تمام تیاریاں مکمل کر لی ہیں اور ضابطہ اخلاق نافذ ہو گیا ہے۔ ووٹنگ 11 نومبر کو ہوگی اور نتائج کا اعلان بعد میں کیا جائے گا۔ الیکشن کمیشن نے تمام تیاریاں مکمل کر لی ہیں اور ضابطہ اخلاق نافذ ہو گیا ہے۔ ووٹنگ 11 نومبر کو ہوگی اور نتائج کا اعلان بعد میں کیا جائے گا۔ الیکشن کمیشن نے تمام تیاریاں مکمل کر لی ہیں اور ضابطہ اخلاق نافذ ہو گیا ہے۔ ووٹنگ 11 نومبر کو ہوگی اور نتائج کا اعلان بعد میں کیا جائے گا۔ الیکشن کمیشن نے تمام تیاریاں مکمل کر
جموں و کشمیر کی چار خالی
ووٹنگ 11 نومبر کو ہوگی اور نتائج کا اعلان بعد میں کیا جائے گا۔ الیکشن کمیشن نے تمام تیاریاں مکمل کر لی ہیں اور ضابطہ اخلاق نافذ ہو گیا ہے۔ ووٹنگ 11 نومبر کو ہوگی اور نتائج کا اعلان بعد میں کیا جائے گا۔ الیکشن کمیشن نے تمام تیاریاں مکمل کر لی ہیں اور ضابطہ اخلاق نافذ ہو گیا ہے۔ ووٹنگ 11 نومبر کو ہوگی اور نتائج کا اعلان بعد میں کیا جائے گا۔ الیکشن کمیشن نے تمام تیاریاں مکمل کر لی ہیں اور ضابطہ اخلاق نافذ ہو گیا ہے۔ ووٹنگ 11 نومبر کو ہوگی اور نتائج کا اعلان بعد میں کیا جائے گا۔ الیکشن کمیشن نے تمام تیاریاں مکمل کر لی ہیں اور ضابطہ اخلاق نافذ ہو گیا ہے۔ ووٹنگ 11 نومبر کو ہوگی اور نتائج کا اعلان بعد میں کیا جائے گا۔ الیکشن کمیشن نے تمام تیاریاں مکمل کر لی ہیں اور ضابطہ اخلاق نافذ ہو گیا ہے۔ ووٹنگ 11 نومبر کو ہوگی اور نتائج کا اعلان بعد میں کیا جائے گا۔ الیکشن کمیشن نے تمام تیاریاں مکمل کر لی ہیں اور ضابطہ اخلاق نافذ ہو گیا ہے۔ ووٹنگ 11 نومبر کو ہوگی اور نتائج کا اعلان بعد میں کیا جائے گا۔ الیکشن کمیشن نے تمام تیاریاں مکمل کر لی ہیں اور ضابطہ اخلاق نافذ ہو گیا ہے۔ ووٹنگ 11 نومبر کو ہوگی اور نتائج کا اعلان بعد میں کیا جائے گا۔ الیکشن کمیشن نے تمام تیاریاں مکمل کر لی ہیں اور ضابطہ اخلاق نافذ ہو گیا ہے۔ ووٹنگ 11 نومبر کو ہوگی اور نتائج کا اعلان بعد میں کیا جائے گا۔ الیکشن کمیشن نے تمام تیاریاں مکمل کر لی ہیں اور ضابطہ اخلاق نافذ ہو گیا ہے۔ ووٹنگ 11 نومبر کو ہوگی اور نتائج کا اعلان بعد میں کیا جائے گا۔ الیکشن کمیشن نے تمام تیاریاں مکمل کر لی ہیں اور ضابطہ اخلاق نافذ ہو گیا ہے۔ ووٹنگ 11 نومبر کو ہوگی اور نتائج
محمد الطاف بخاری نے کہا کہ شمالی کشمیر میں تیز رفتار ترقی کے لئے حکومت اقدامات کر رہی ہے۔ لوگوں کے مسائل حل کرنے کے لئے عوامی دربار منعقد کئے جا رہے ہیں۔ محمد الطاف بخاری نے کہا کہ شمالی کشمیر میں تیز رفتار ترقی کے لئے حکومت اقدامات کر رہی ہے۔ لوگوں کے مسائل حل کرنے کے لئے عوامی دربار منعقد کئے جا رہے ہیں۔ محمد الطاف بخاری نے کہا کہ شمالی کشمیر میں تیز رفتار ترقی کے لئے حکومت اقدامات کر رہی ہے۔ لوگوں کے مسائل حل کرنے کے لئے عوامی دربار منعقد کئے جا رہے ہیں۔ محمد الطاف بخاری نے کہا کہ شمالی کشمیر میں تیز رفتار ترقی کے لئے حکومت اقدامات کر رہی ہے۔ لوگوں کے مسائل حل کرنے کے لئے عوامی دربار منعقد کئے جا رہے ہیں۔ محمد الطاف بخاری نے کہا کہ شمالی کشمیر میں تیز رفتار ترقی کے لئے حکومت اقدامات کر رہی ہے۔ لوگوں کے مسائل حل کرنے کے لئے عوامی دربار منعقد کئے جا رہے ہیں۔ محمد الطاف بخاری نے کہا کہ شمالی کشمیر میں تیز رفتار ترقی کے لئے حکومت اقدامات کر رہی ہے۔ لوگوں کے مسائل حل کرنے کے لئے عوامی دربار منعقد کئے جا رہے ہیں۔ محمد الطاف بخاری نے کہا کہ شمالی کشمیر میں تیز رفتار ترقی کے لئے حکومت اقدامات کر رہی ہے۔ لوگوں کے مسائل حل کرنے کے لئے عوامی دربار منعقد کئے جا رہے ہیں۔ محمد الطاف بخاری نے کہا کہ شمالی کشمیر میں تیز رفتار ترقی کے لئے حکومت اقدامات کر رہی ہے۔ لوگوں کے مسائل حل کرنے کے لئے عوامی
محمد الطاف بخاری اور
محمد الطاف بخاری نے کہا کہ شمالی کشمیر میں تیز رفتار ترقی کے لئے حکومت اقدامات کر رہی ہے۔ لوگوں کے مسائل حل کرنے کے لئے عوامی دربار منعقد کئے جا رہے ہیں۔ محمد الطاف بخاری نے کہا کہ شمالی کشمیر میں تیز رفتار ترقی کے لئے حکومت اقدامات کر رہی ہے۔ لوگوں کے مسائل حل
شمالی کشمیر میں تیز
محمد الطاف بخاری نے کہا کہ شمالی کشمیر میں تیز رفتار ترقی کے لئے حکومت اقدامات کر رہی ہے۔ لوگوں کے مسائل حل کرنے کے لئے عوامی دربار منعقد کئے جا رہے ہیں۔ محمد الطاف بخاری نے کہا کہ شمالی کشمیر میں تیز رفتار ترقی کے لئے حکومت اقدامات کر رہی ہے۔ لوگوں کے مسائل حل کرنے کے لئے عوامی دربار منعقد کئے جا رہے ہیں۔ محمد الطاف بخاری نے کہا کہ شمالی کشمیر میں تیز رفتار ترقی کے لئے حکومت اقدامات کر رہی ہے۔ لوگوں کے مسائل حل کرنے کے لئے عوامی دربار منعقد کئے جا رہے ہیں۔ محمد الطاف بخاری نے کہا کہ شمالی کشمیر میں تیز رفتار ترقی کے لئے حکومت اقدامات کر رہی ہے۔ لوگوں کے مسائل حل کرنے کے لئے عوامی دربار منعقد کئے جا رہے ہیں۔ محمد الطاف بخاری نے کہا کہ شمالی کشمیر میں تیز رفتار ترقی کے لئے حکومت اقدامات کر رہی ہے۔ لوگوں کے مسائل حل کرنے کے لئے عوامی دربار منعقد کئے جا رہے ہیں۔ محمد الطاف بخاری نے کہا کہ شمالی کشمیر میں تیز رفتار ترقی کے
ہمیں دو بیانوں نمبر دن
محمد الطاف بخاری نے کہا کہ شمالی کشمیر میں تیز رفتار ترقی کے لئے حکومت اقدامات کر رہی ہے۔ لوگوں کے مسائل حل کرنے کے لئے عوامی دربار منعقد کئے جا رہے ہیں۔ محمد الطاف بخاری نے کہا کہ شمالی کشمیر میں تیز رفتار ترقی کے لئے حکومت اقدامات کر رہی ہے۔ لوگوں کے مسائل حل کرنے کے لئے عوامی دربار منعقد کئے جا رہے ہیں۔ محمد الطاف بخاری نے کہا کہ
11 اور 12 اکتوبر کو لیک
محمد الطاف بخاری نے کہا کہ شمالی کشمیر میں تیز رفتار ترقی کے لئے حکومت اقدامات کر رہی ہے۔ لوگوں کے مسائل حل کرنے کے لئے عوامی دربار منعقد کئے جا رہے ہیں۔ محمد الطاف بخاری نے کہا کہ شمالی کشمیر میں تیز رفتار ترقی کے لئے حکومت اقدامات کر رہی ہے۔ لوگوں کے مسائل حل کرنے کے لئے عوامی دربار منعقد کئے جا رہے ہیں۔ محمد الطاف بخاری نے کہا کہ شمالی کشمیر میں تیز رفتار ترقی کے لئے حکومت اقدامات کر رہی ہے۔ لوگوں کے مسائل حل کرنے کے لئے عوامی دربار منعقد کئے جا رہے ہیں۔ محمد الطاف بخاری نے کہا کہ شمالی کشمیر میں تیز رفتار ترقی کے لئے حکومت اقدامات کر رہی ہے۔ لوگوں کے مسائل حل کرنے کے لئے عوامی دربار منعقد کئے جا رہے ہیں۔ محمد الطاف بخاری نے کہا
جموں میں ڈینگی بیماری
محمد الطاف بخاری نے کہا کہ شمالی کشمیر میں تیز رفتار ترقی کے لئے حکومت
جاوید ڈار نے میونسپل کمیٹی کے کام کاج کا جائزہ لیا اور صفائی ستھرائی کے انتظامات کو بہتر بنانے کی ہدایت دی۔ عوام کو بنیادی سہولیات فراہم کرنا اولین ترجیح ہے۔ جاوید ڈار نے میونسپل کمیٹی کے کام کاج کا جائزہ لیا اور صفائی ستھرائی کے انتظامات کو بہتر بنانے کی ہدایت دی۔ عوام کو بنیادی سہولیات فراہم کرنا اولین ترجیح ہے۔ جاوید ڈار نے میونسپل کمیٹی کے کام کاج کا جائزہ لیا اور صفائی ستھرائی کے انتظامات کو بہتر بنانے کی ہدایت دی۔ عوام کو بنیادی سہولیات فراہم کرنا اولین ترجیح ہے۔ جاوید ڈار نے میونسپل کمیٹی کے کام کاج کا جائزہ لیا اور صفائی ستھرائی کے انتظامات کو بہتر بنانے کی ہدایت دی۔ عوام کو بنیادی سہولیات فراہم کرنا اولین ترجیح ہے۔ جاوید ڈار نے میونسپل کمیٹی کے کام کاج کا جائزہ لیا اور صفائی ستھرائی کے انتظامات کو بہتر بنانے کی ہدایت دی۔ عوام کو بنیادی سہولیات فراہم کرنا اولین ترجیح ہے۔ جاوید ڈار نے میونسپل کمیٹی کے کام کاج کا جائزہ لیا
جاوید ڈار نے میونسپل کمیٹی
جاوید ڈار نے میونسپل کمیٹی کے کام کاج کا جائزہ لیا اور صفائی ستھرائی کے انتظامات کو بہتر بنانے کی ہدایت دی۔ عوام کو بنیادی سہولیات فراہم کرنا اولین ترجیح ہے۔ جاوید ڈار نے میونسپل کمیٹی کے کام کاج کا جائزہ لیا اور صفائی ستھرائی کے انتظامات کو بہتر بنانے کی ہدایت دی۔ عوام کو بنیادی سہولیات فراہم کرنا اولین ترجیح ہے۔ جاوید ڈار نے میونسپل کمیٹی کے کام کاج کا جائزہ لیا اور صفائی ستھرائی کے انتظامات کو بہتر بنانے کی
سٹیل شہرہ کا کھلاگام
جاوید ڈار نے میونسپل کمیٹی کے کام کاج کا جائزہ لیا اور صفائی ستھرائی کے انتظامات کو بہتر بنانے کی ہدایت دی۔ عوام کو بنیادی سہولیات فراہم کرنا اولین ترجیح ہے۔ جاوید ڈار نے میونسپل کمیٹی کے کام کاج کا جائزہ لیا اور صفائی ستھرائی کے انتظامات کو بہتر بنانے کی ہدایت دی۔ عوام کو بنیادی سہولیات فراہم کرنا اولین ترجیح ہے۔ جاوید ڈار نے میونسپل کمیٹی کے کام کاج کا جائزہ لیا اور صفائی ستھرائی کے انتظامات کو بہتر بنانے کی ہدایت دی۔ عوام کو بنیادی سہولیات فراہم کرنا اولین ترجیح ہے۔ جاوید ڈار نے میونسپل کمیٹی کے کام کاج کا جائزہ لیا اور صفائی ستھرائی کے انتظامات کو بہتر بنانے کی ہدایت دی۔ عوام کو بنیادی سہولیات فراہم کرنا اولین ترجیح ہے۔ جاوید ڈار نے میونسپل کمیٹی کے کام کاج کا جائزہ لیا اور صفائی ستھرائی کے انتظامات کو بہتر بنانے کی ہدایت دی۔ عوام کو بنیادی سہولیات فراہم کرنا اولین ترجیح ہے۔ جاوید ڈار نے میونسپل کمیٹی کے کام کاج کا جائزہ لیا اور صفائی ستھرائی کے انتظامات کو بہتر بنانے کی ہدایت دی۔ عوام کو بنیادی سہولیات فراہم کرنا اولین ترجیح ہے۔ جاوید ڈار نے میونسپل کمیٹی کے کام کاج کا جائزہ لیا اور صفائی ستھرائی کے انتظامات کو بہتر بنانے کی ہدایت دی۔ عوام کو بنیادی سہولیات فراہم کرنا اولین ترجیح ہے۔ جاوید ڈار نے میونسپل کمیٹی کے کام کاج کا جائزہ لیا اور صفائی ستھرائی کے انتظامات کو بہتر بنانے کی ہدایت دی۔ عوام کو بنیادی سہولیات فراہم کرنا اولین ترجیح ہے۔ جاوید ڈار نے میونسپل کمیٹی کے کام کاج کا جائزہ لیا اور صفائی ستھرائی کے انتظامات کو بہتر بنانے کی ہدایت دی۔ عوام کو بنیادی سہولیات فراہم کرنا اولین ترجیح ہے۔ جاوید ڈار نے میونسپل کمیٹی کے کام کاج کا جائزہ لیا اور صفائی ستھرائی کے انتظامات کو بہتر بنانے کی ہدایت دی۔ عوام کو بنیادی سہولیات فراہم کرنا اولین ترجیح ہے۔ جاوید ڈار نے میونسپل کمیٹی کے کام کاج کا جائزہ لیا اور صفائی ستھرائی کے انتظامات کو بہتر بنانے کی ہدایت دی۔ عوام کو بنیادی سہولیات فراہم کرنا اولین ترجیح ہے۔ جاوید ڈار نے میونسپل کمیٹی کے کام کاج کا جائزہ لیا اور صفائی ستھرائی کے انتظامات کو بہتر بنانے کی ہدایت دی۔ عوام کو بنیادی سہولیات فراہم کرنا اولین ترجیح ہے۔ جاوید ڈار نے میونسپل کمیٹی کے کام کاج کا جائزہ لیا اور صفائی ستھرائی کے انتظامات کو بہتر بنانے کی ہدایت دی۔ عوام کو بنیادی سہولیات فراہم کرنا اولین ترجیح ہے۔ جاوید ڈار نے میونسپل کمیٹی کے کام کاج کا جائزہ لیا اور صفائی ستھرائی کے انتظامات کو بہتر بنانے کی ہدایت دی۔ عوام کو بنیادی سہولیات فراہم کرنا اولین ترجیح ہے۔ جاوید ڈار نے میونسپل کمیٹی کے کام کاج کا جائزہ لیا اور صفائی ستھرائی کے انتظامات کو بہتر بنانے کی ہدایت دی۔ عوام کو بنیادی سہولیات فراہم کرنا اولین ترجیح ہے۔ جاوید ڈار نے میونسپل کمیٹی کے کام کاج کا جائزہ لیا اور صفائی ستھرائی کے انتظامات کو بہتر بنانے کی ہدایت دی۔ عوام کو بنیادی سہولیات فراہم کرنا اولین ترجیح ہے۔ جاوید ڈار نے میونسپل کمیٹی کے کام کاج کا جائزہ لیا اور صفائی ستھرائی کے انتظامات کو بہتر بنانے کی ہدایت دی۔ عوام کو بنیادی
پی ٹی پی میڈیا کو
جاوید ڈار نے میونسپل کمیٹی کے کام کاج کا جائزہ لیا اور صفائی ستھرائی کے انتظامات کو بہتر بنانے کی ہدایت دی۔ عوام کو بنیادی سہولیات فراہم کرنا اولین ترجیح ہے۔ جاوید ڈار نے میونسپل کمیٹی کے کام کاج کا جائزہ لیا اور صفائی ستھرائی کے انتظامات کو بہتر بنانے کی ہدایت دی۔ عوام کو بنیادی سہولیات فراہم کرنا اولین ترجیح ہے۔ جاوید ڈار نے
سرینگر نائب وزیر اعلیٰ نے محکمہ کی کارکردگی کا جائزہ لیا اور افسران کو ہدایت دی کہ ترقیاتی کاموں کو مقررہ وقت میں مکمل کیا جائے۔ اجلاس میں مختلف محکموں کے افسران نے شرکت کی۔ سرینگر نائب وزیر اعلیٰ نے محکمہ کی کارکردگی کا جائزہ لیا اور افسران کو ہدایت دی کہ ترقیاتی کاموں کو مقررہ وقت میں مکمل کیا جائے۔ اجلاس میں مختلف محکموں کے افسران نے شرکت کی۔ سرینگر نائب وزیر اعلیٰ نے محکمہ کی کارکردگی کا جائزہ لیا اور افسران کو ہدایت دی کہ ترقیاتی کاموں کو مقررہ وقت میں مکمل کیا جائے۔ اجلاس میں مختلف محکموں کے افسران نے شرکت کی۔ سرینگر نائب وزیر اعلیٰ نے محکمہ کی کارکردگی کا جائزہ لیا اور افسران کو ہدایت دی کہ ترقیاتی کاموں کو مقررہ وقت میں مکمل کیا جائے۔ اجلاس میں مختلف محکموں کے افسران نے شرکت کی۔ سرینگر نائب وزیر اعلیٰ نے محکمہ کی کارکردگی کا جائزہ لیا اور افسران کو ہدایت دی کہ ترقیاتی کاموں کو مقررہ وقت میں مکمل کیا جائے۔ اجلاس میں مختلف محکموں کے افسران نے شرکت کی۔ سرینگر نائب وزیر اعلیٰ نے محکمہ کی کارکردگی کا جائزہ لیا اور افسران کو ہدایت دی کہ ترقیاتی کاموں کو مقررہ وقت میں مکمل کیا جائے۔ اجلاس میں مختلف محکموں کے افسران نے شرکت کی۔ سرینگر نائب وزیر اعلیٰ نے محکمہ کی کارکردگی کا جائزہ لیا اور افسران کو ہدایت دی کہ ترقیاتی کاموں کو مقررہ وقت میں مکمل کیا
نائب وزیر اعلیٰ نے محکمہ
سرینگر نائب وزیر اعلیٰ نے محکمہ کی کارکردگی کا جائزہ لیا اور افسران کو ہدایت دی کہ ترقیاتی کاموں کو مقررہ وقت میں مکمل کیا جائے۔ اجلاس میں مختلف محکموں کے افسران نے شرکت کی۔ سرینگر نائب وزیر اعلیٰ نے محکمہ کی کارکردگی کا جائزہ لیا اور افسران کو ہدایت دی کہ ترقیاتی کاموں کو مقررہ وقت میں مکمل کیا جائے۔ اجلاس میں مختلف محکموں کے افسران نے شرکت کی۔ سرینگر نائب وزیر اعلیٰ نے محکمہ کی کارکردگی کا جائزہ لیا اور افسران کو ہدایت دی کہ ترقیاتی کاموں کو مقررہ وقت میں مکمل کیا جائے۔ اجلاس میں مختلف محکموں کے افسران نے شرکت کی۔ سرینگر نائب وزیر اعلیٰ نے محکمہ کی کارکردگی کا جائزہ لیا اور افسران کو ہدایت دی کہ ترقیاتی کاموں کو مقررہ وقت میں مکمل کیا جائے۔ اجلاس میں مختلف محکموں کے افسران نے شرکت کی۔ سرینگر نائب وزیر اعلیٰ نے محکمہ کی کارکردگی کا جائزہ لیا اور افسران کو ہدایت دی کہ ترقیاتی کاموں کو مقررہ وقت میں مکمل کیا جائے۔ اجلاس میں مختلف محکموں کے افسران نے شرکت کی۔ سرینگر نائب وزیر اعلیٰ نے محکمہ کی کارکردگی کا جائزہ لیا اور افسران کو ہدایت دی کہ ترقیاتی کاموں کو مقررہ وقت میں مکمل کیا جائے۔ اجلاس میں مختلف محکموں کے افسران نے شرکت کی۔ سرینگر نائب وزیر اعلیٰ نے محکمہ کی کارکردگی کا جائزہ لیا اور افسران کو ہدایت دی کہ ترقیاتی کاموں کو مقررہ وقت میں مکمل کیا جائے۔ اجلاس میں مختلف محکموں کے
مال و دارالحکومت کی آمد
سرینگر نائب وزیر اعلیٰ نے محکمہ کی کارکردگی کا جائزہ لیا اور افسران کو ہدایت دی کہ ترقیاتی کاموں کو مقررہ وقت میں مکمل کیا جائے۔ اجلاس میں مختلف محکموں کے افسران نے شرکت کی۔ سرینگر نائب وزیر اعلیٰ نے محکمہ کی کارکردگی کا جائزہ لیا اور افسران کو ہدایت دی کہ ترقیاتی کاموں کو مقررہ وقت میں مکمل کیا جائے۔ اجلاس میں مختلف محکموں کے افسران نے شرکت کی۔ سرینگر نائب وزیر اعلیٰ نے محکمہ کی کارکردگی کا جائزہ لیا اور افسران کو ہدایت دی کہ ترقیاتی کاموں کو مقررہ وقت میں مکمل کیا جائے۔ اجلاس میں مختلف محکموں کے افسران نے شرکت کی۔
اسمبلی کے اجلاس کے دوران
سرینگر نائب وزیر اعلیٰ نے محکمہ کی کارکردگی کا جائزہ لیا اور افسران کو ہدایت دی کہ ترقیاتی کاموں کو مقررہ وقت میں مکمل کیا جائے۔ اجلاس میں مختلف محکموں کے افسران نے شرکت کی۔ سرینگر نائب وزیر اعلیٰ نے محکمہ کی کارکردگی کا جائزہ لیا اور افسران کو ہدایت دی کہ ترقیاتی کاموں کو مقررہ وقت میں مکمل کیا جائے۔ اجلاس میں مختلف محکموں کے افسران نے شرکت کی۔ سرینگر نائب وزیر اعلیٰ نے محکمہ کی کارکردگی کا جائزہ لیا اور افسران کو ہدایت دی کہ ترقیاتی کاموں کو مقررہ وقت میں مکمل کیا جائے۔ اجلاس میں مختلف محکموں کے افسران نے شرکت کی۔ سرینگر نائب وزیر اعلیٰ نے محکمہ کی کارکردگی کا جائزہ لیا اور افسران کو ہدایت دی کہ ترقیاتی کاموں کو مقررہ وقت میں مکمل کیا جائے۔ اجلاس میں مختلف محکموں کے افسران نے شرکت کی۔ سرینگر نائب وزیر اعلیٰ نے محکمہ کی کارکردگی کا جائزہ لیا اور افسران کو ہدایت دی کہ ترقیاتی کاموں کو مقررہ وقت میں مکمل کیا جائے۔ اجلاس میں مختلف محکموں کے افسران نے شرکت
CASET/ WALDEN
HIGHER SECONDARY SCHOOL
KARAN NAGAR/ RAINAWARI/ NATIPORA
ADMISSION OPEN
FROM CLASSES PRE-NURSERY to 9th
ACADEMIC YEAR 2025-26
Admission forms for Caset Experimental School, Karan Nagar from classes Pre-Nursery to 9th are available in CASET Head Office, Shiv Bhawan, Gole Market, Karan Nagar from 10:00 am to 3:00 pm on all working days.
Admission forms for WALDEN SCHOOL, Natipora from classes Pre-Nursery to 9th are available in WALDEN School, Natipora from 10:00 am to 2:00 pm on all working days.
Admission forms for CASET SCHOOL, Rainawari from Classes Pre-Nursery to 8th are available in CASET School, Rainawari from 10:00 am to 2:00 pm on all working days.
PLEASE NOTE: Admission will be purely on the basis of first come first serve basis.
Salient Features:
* Unique Teaching Learning Program. * Activity/ Lab/ Projector Based Teaching. * Smart & experienced staff. * Great Learning Tools. * Making learning fun. * Extraordinary Educational Programs. * Emphasis on personality building . * Emphasis on making children culturally smart. * Making children extraordinarily knowledgeable.
Facilities Available
OUTDOOR GYM | INDOOR GYM | BASKETBALL | VOLLEY BALL | FOOTBALL | TABLE TENNIS | BADMINTON COURTS | SEPARATE SWIMMING POOLS FOR BOYS & GIRLS
For further details please contact:
0194-2477995, 9419038444, 9906693460
(Between 10:00am to 03:00pm)
PUT YOUR CHILD UNDER CASET/WALDEN CARE
Spectrum Ads| 7006200013
قارئین کے لئے اطلاع.......: روزنامہ آفتاب میں تمام اشتہارات نیک نیتی کے ساتھ شائع کئے جارہے ہیں ادارہ کسی غلط نتیجے کا ذمہ دار نہیں ہے، اگر کوئی فرم یا کمپنی ادارہ یا فرد وغیرہ رقم طلب کرے تو اس کے لئے اچھی طرح چھان بین کریں.......
انچارج اشتہارات
